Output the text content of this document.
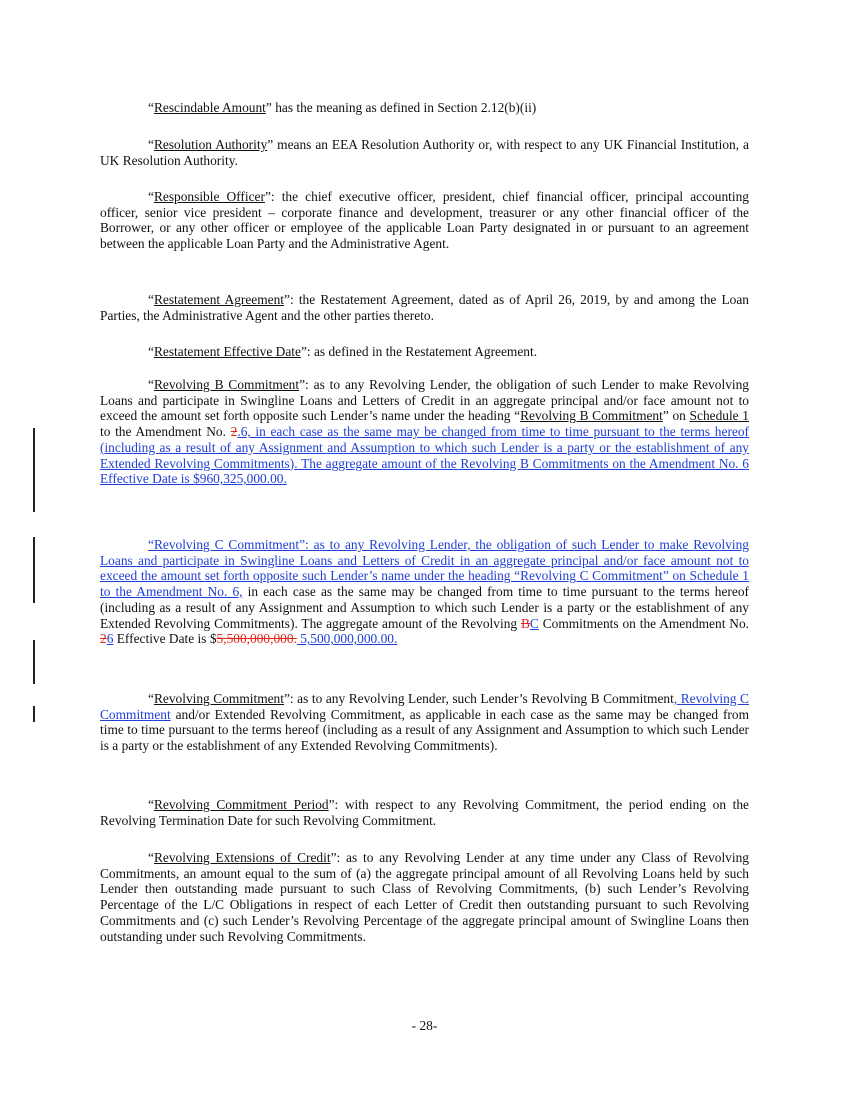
“Rescindable Amount” has the meaning as defined in Section 2.12(b)(ii)

“Resolution Authority” means an EEA Resolution Authority or, with respect to any UK Financial Institution, a UK Resolution Authority.

“Responsible Officer”: the chief executive officer, president, chief financial officer, principal accounting officer, senior vice president – corporate finance and development, treasurer or any other financial officer of the Borrower, or any other officer or employee of the applicable Loan Party designated in or pursuant to an agreement between the applicable Loan Party and the Administrative Agent.

“Restatement Agreement”: the Restatement Agreement, dated as of April 26, 2019, by and among the Loan Parties, the Administrative Agent and the other parties thereto.

“Restatement Effective Date”: as defined in the Restatement Agreement.

“Revolving B Commitment”: as to any Revolving Lender, the obligation of such Lender to make Revolving Loans and participate in Swingline Loans and Letters of Credit in an aggregate principal and/or face amount not to exceed the amount set forth opposite such Lender’s name under the heading “Revolving B Commitment” on Schedule 1 to the Amendment No. 2.6, in each case as the same may be changed from time to time pursuant to the terms hereof (including as a result of any Assignment and Assumption to which such Lender is a party or the establishment of any Extended Revolving Commitments). The aggregate amount of the Revolving B Commitments on the Amendment No. 6 Effective Date is $960,325,000.00.

“Revolving C Commitment”: as to any Revolving Lender, the obligation of such Lender to make Revolving Loans and participate in Swingline Loans and Letters of Credit in an aggregate principal and/or face amount not to exceed the amount set forth opposite such Lender’s name under the heading “Revolving C Commitment” on Schedule 1 to the Amendment No. 6, in each case as the same may be changed from time to time pursuant to the terms hereof (including as a result of any Assignment and Assumption to which such Lender is a party or the establishment of any Extended Revolving Commitments). The aggregate amount of the Revolving BC Commitments on the Amendment No. 26 Effective Date is $5,500,000,000. 5,500,000,000.00.

“Revolving Commitment”: as to any Revolving Lender, such Lender’s Revolving B Commitment, Revolving C Commitment and/or Extended Revolving Commitment, as applicable in each case as the same may be changed from time to time pursuant to the terms hereof (including as a result of any Assignment and Assumption to which such Lender is a party or the establishment of any Extended Revolving Commitments).

“Revolving Commitment Period”: with respect to any Revolving Commitment, the period ending on the Revolving Termination Date for such Revolving Commitment.

“Revolving Extensions of Credit”: as to any Revolving Lender at any time under any Class of Revolving Commitments, an amount equal to the sum of (a) the aggregate principal amount of all Revolving Loans held by such Lender then outstanding made pursuant to such Class of Revolving Commitments, (b) such Lender’s Revolving Percentage of the L/C Obligations in respect of each Letter of Credit then outstanding pursuant to such Revolving Commitments and (c) such Lender’s Revolving Percentage of the aggregate principal amount of Swingline Loans then outstanding under such Revolving Commitments.

- 28-
